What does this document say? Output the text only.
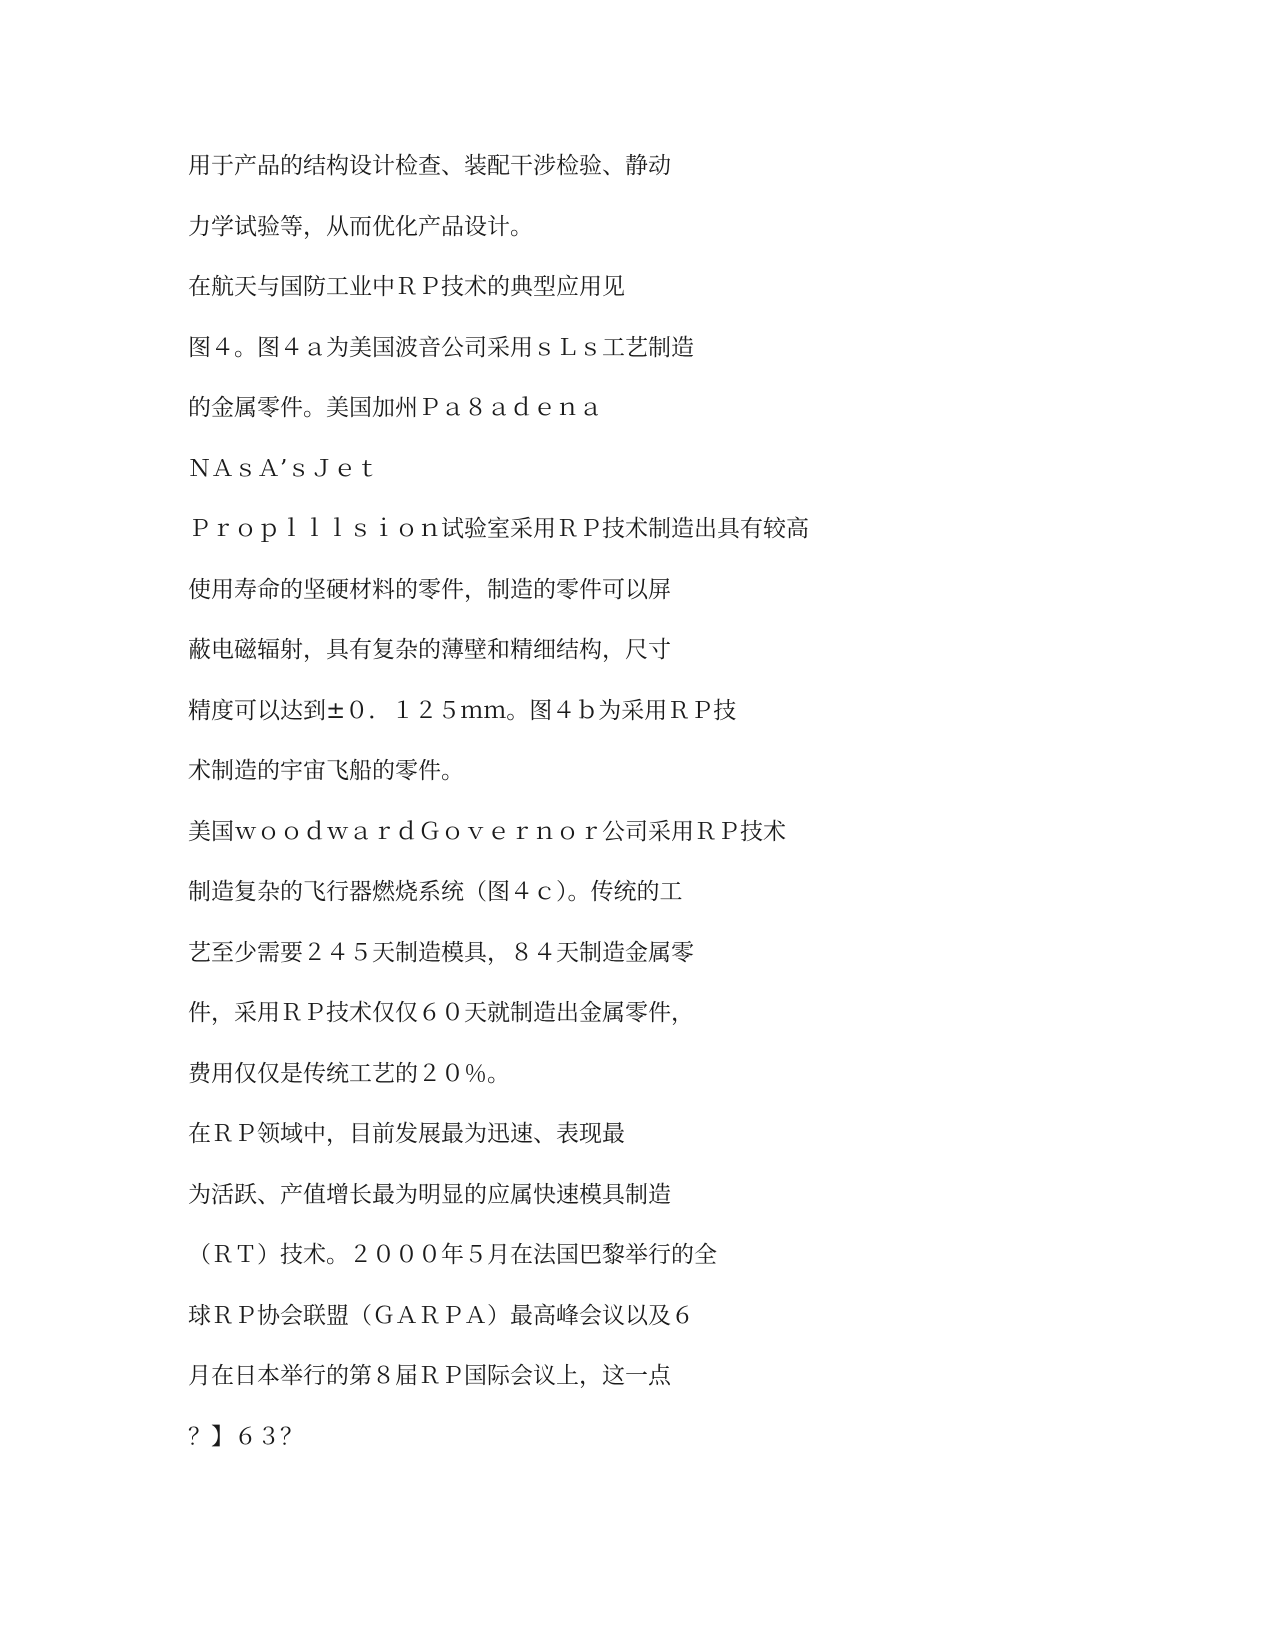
用于产品的结构设计检查、装配干涉检验、静动
力学试验等，从而优化产品设计。
在航天与国防工业中ＲＰ技术的典型应用见
图４。图４ａ为美国波音公司采用ｓＬｓ工艺制造
的金属零件。美国加州Ｐａ８ａｄｅｎａ
ＮＡｓＡ’ｓＪｅｔ
Ｐｒｏｐｌｌｌｓｉｏｎ试验室采用ＲＰ技术制造出具有较高
使用寿命的坚硬材料的零件，制造的零件可以屏
蔽电磁辐射，具有复杂的薄壁和精细结构，尺寸
精度可以达到±０．１２５ｍｍ。图４ｂ为采用ＲＰ技
术制造的宇宙飞船的零件。
美国ｗｏｏｄｗａｒｄＧｏｖｅｒｎｏｒ公司采用ＲＰ技术
制造复杂的飞行器燃烧系统（图４ｃ）。传统的工
艺至少需要２４５天制造模具，８４天制造金属零
件，采用ＲＰ技术仅仅６０天就制造出金属零件，
费用仅仅是传统工艺的２０％。
在ＲＰ领域中，目前发展最为迅速、表现最
为活跃、产值增长最为明显的应属快速模具制造
（ＲＴ）技术。２０００年５月在法国巴黎举行的全
球ＲＰ协会联盟（ＧＡＲＰＡ）最高峰会议以及６
月在日本举行的第８届ＲＰ国际会议上，这一点
？】６３？
